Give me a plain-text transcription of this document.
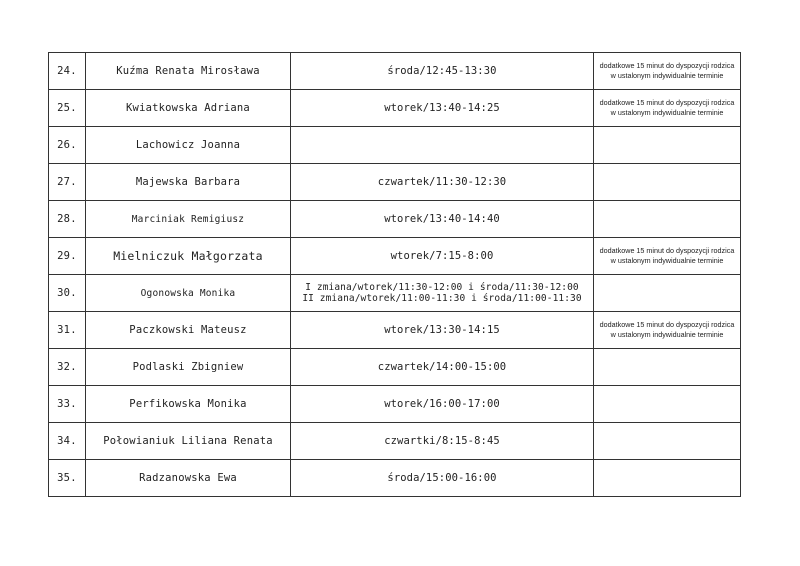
24.	Kuźma Renata Mirosława	środa/12:45-13:30	dodatkowe 15 minut do dyspozycji rodzica
w ustalonym indywidualnie terminie

25.	Kwiatkowska Adriana	wtorek/13:40-14:25	dodatkowe 15 minut do dyspozycji rodzica
w ustalonym indywidualnie terminie

26.	Lachowicz Joanna		
27.	Majewska Barbara	czwartek/11:30-12:30	
28.	Marciniak Remigiusz	wtorek/13:40-14:40	
29.	Mielniczuk Małgorzata	wtorek/7:15-8:00	dodatkowe 15 minut do dyspozycji rodzica
w ustalonym indywidualnie terminie

30.	Ogonowska Monika	I zmiana/wtorek/11:30-12:00 i środa/11:30-12:00
II zmiana/wtorek/11:00-11:30 i środa/11:00-11:30	

31.	Paczkowski Mateusz	wtorek/13:30-14:15	dodatkowe 15 minut do dyspozycji rodzica
w ustalonym indywidualnie terminie

32.	Podlaski Zbigniew	czwartek/14:00-15:00	
33.	Perfikowska Monika	wtorek/16:00-17:00	
34.	Połowianiuk Liliana Renata	czwartki/8:15-8:45	
35.	Radzanowska Ewa	środa/15:00-16:00	
